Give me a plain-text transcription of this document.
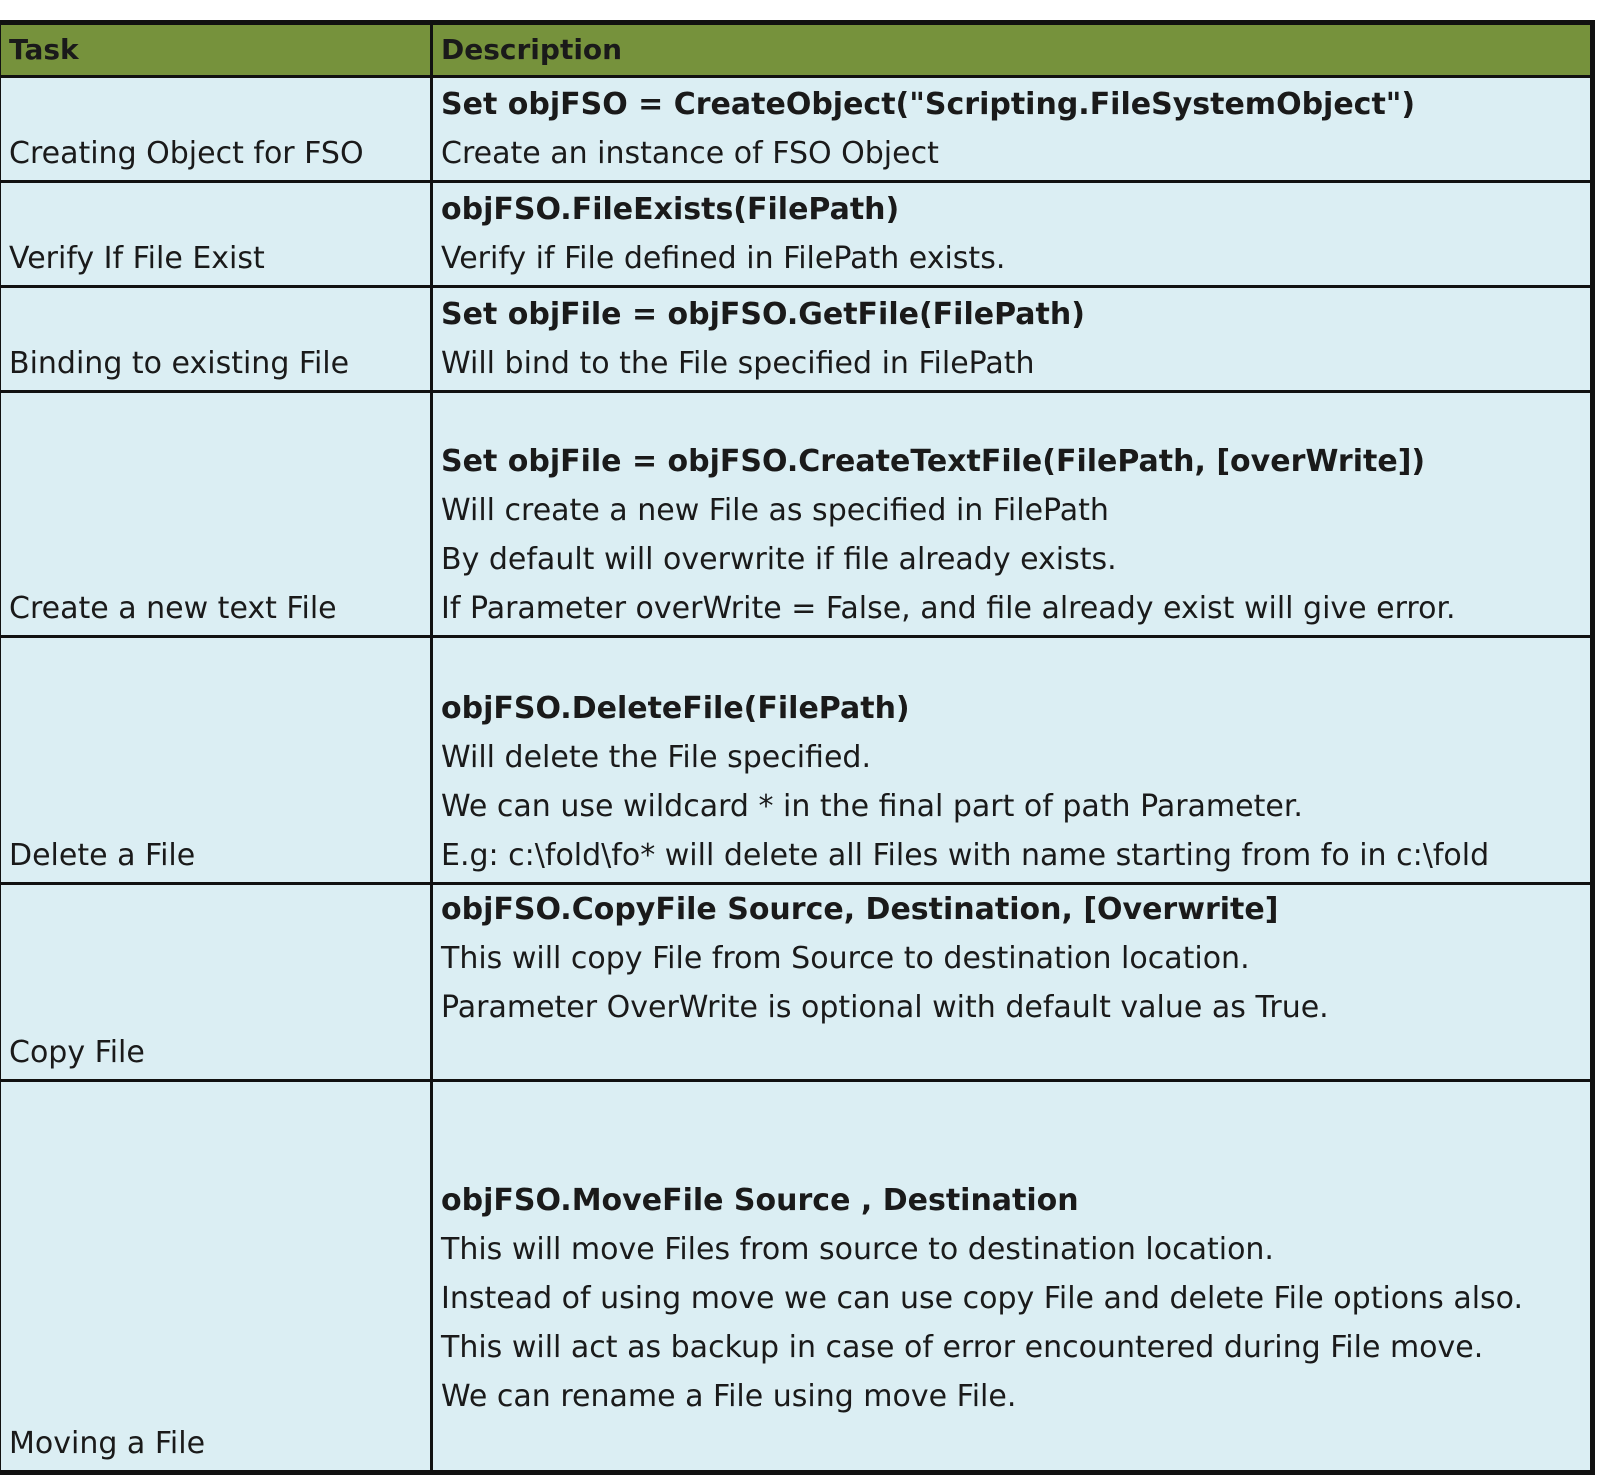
Task	Description
Creating Object for FSO	Set objFSO = CreateObject("Scripting.FileSystemObject")
Create an instance of FSO Object

Verify If File Exist	objFSO.FileExists(FilePath)
Verify if File defined in FilePath exists.

Binding to existing File	Set objFile = objFSO.GetFile(FilePath)
Will bind to the File specified in FilePath

Create a new text File	Set objFile = objFSO.CreateTextFile(FilePath, [overWrite])
Will create a new File as specified in FilePath
By default will overwrite if file already exists.
If Parameter overWrite = False, and file already exist will give error.

Delete a File	objFSO.DeleteFile(FilePath)
Will delete the File specified.
We can use wildcard * in the final part of path Parameter.
E.g: c:\fold\fo* will delete all Files with name starting from fo in c:\fold

Copy File	objFSO.CopyFile Source, Destination, [Overwrite]
This will copy File from Source to destination location.
Parameter OverWrite is optional with default value as True.

Moving a File	objFSO.MoveFile Source , Destination
This will move Files from source to destination location.
Instead of using move we can use copy File and delete File options also.
This will act as backup in case of error encountered during File move.
We can rename a File using move File.
